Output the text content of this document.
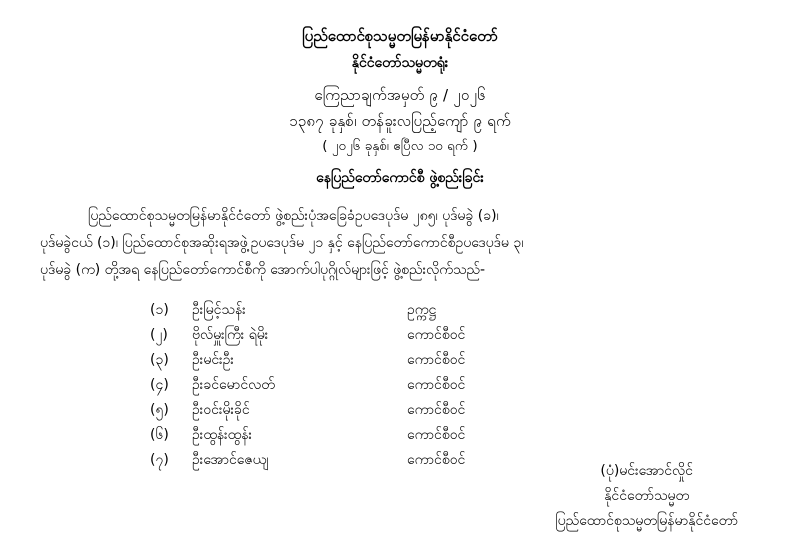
ပြည်ထောင်စုသမ္မတမြန်မာနိုင်ငံတော်
နိုင်ငံတော်သမ္မတရုံး
ကြေညာချက်အမှတ် ၉ / ၂၀၂၆
၁၃၈၇ ခုနှစ်၊ တန်ခူးလပြည့်ကျော် ၉ ရက်
( ၂၀၂၆ ခုနှစ်၊ ဧပြီလ ၁၀ ရက် )
နေပြည်တော်ကောင်စီ ဖွဲ့စည်းခြင်း
ပြည်ထောင်စုသမ္မတမြန်မာနိုင်ငံတော် ဖွဲ့စည်းပုံအခြေခံဥပဒေပုဒ်မ ၂၈၅၊ ပုဒ်မခွဲ (ခ)၊
ပုဒ်မခွဲငယ် (၁)၊ ပြည်ထောင်စုအဆိုးရအဖွဲ့ဥပဒေပုဒ်မ ၂၁ နှင့် နေပြည်တော်ကောင်စီဥပဒေပုဒ်မ ၃၊
ပုဒ်မခွဲ (က) တို့အရ နေပြည်တော်ကောင်စီကို အောက်ပါပုဂ္ဂိုလ်များဖြင့် ဖွဲ့စည်းလိုက်သည်-
(၁)	ဦးမြင့်သန်း	ဥက္ကဋ္ဌ
(၂)	ဗိုလ်မှူးကြီး ရဲမိုး	ကောင်စီဝင်
(၃)	ဦးမင်းဦး	ကောင်စီဝင်
(၄)	ဦးခင်မောင်လတ်	ကောင်စီဝင်
(၅)	ဦးဝင်းမိုးခိုင်	ကောင်စီဝင်
(၆)	ဦးထွန်းထွန်း	ကောင်စီဝင်
(၇)	ဦးအောင်ဇေယျ	ကောင်စီဝင်
(ပုံ)မင်းအောင်လှိုင်
နိုင်ငံတော်သမ္မတ
ပြည်ထောင်စုသမ္မတမြန်မာနိုင်ငံတော်
